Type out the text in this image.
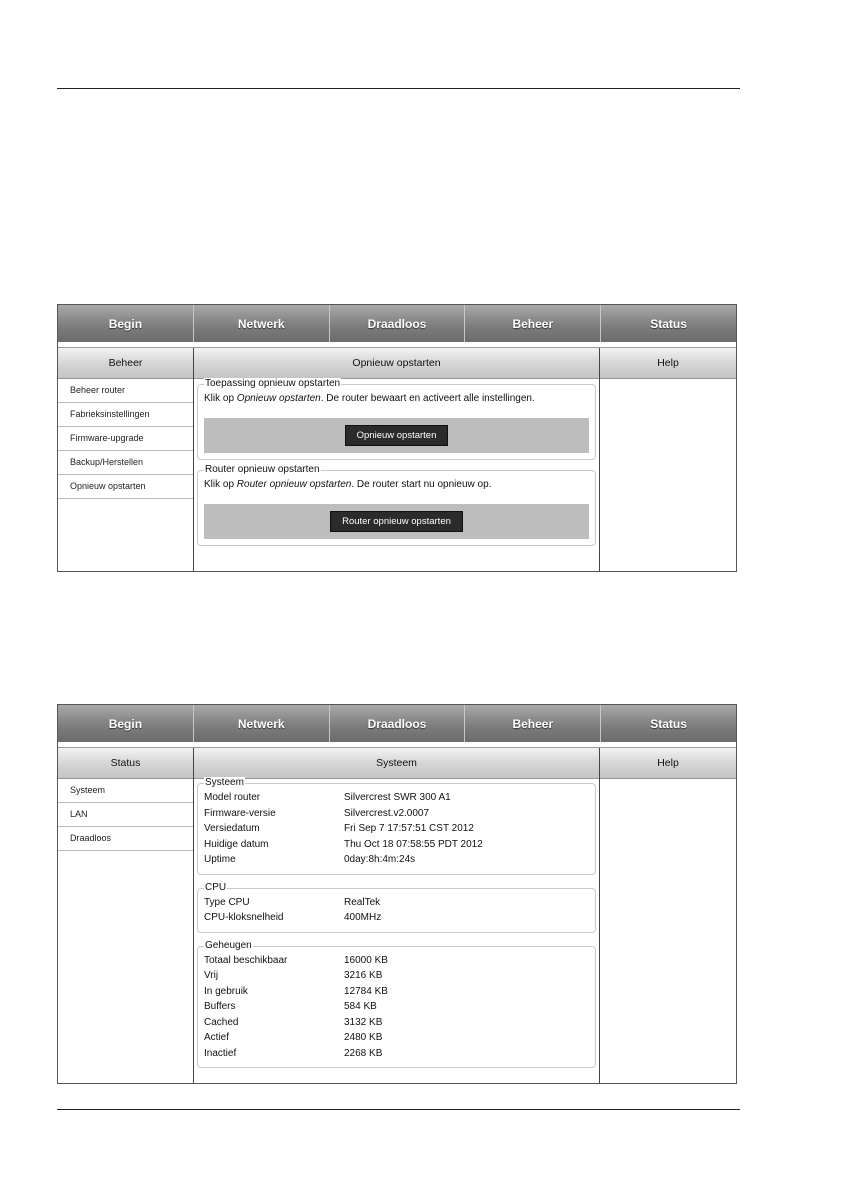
Begin	Netwerk	Draadloos	Beheer	Status
Beheer
Beheer router
Fabrieksinstellingen
Firmware-upgrade
Backup/Herstellen
Opnieuw opstarten
Opnieuw opstarten
Toepassing opnieuw opstarten
Klik op Opnieuw opstarten. De router bewaart en activeert alle instellingen.
Opnieuw opstarten
Router opnieuw opstarten
Klik op Router opnieuw opstarten. De router start nu opnieuw op.
Router opnieuw opstarten
Help
Begin	Netwerk	Draadloos	Beheer	Status
Status
Systeem
LAN
Draadloos
Systeem
Systeem
Model router	Silvercrest SWR 300 A1
Firmware-versie	Silvercrest.v2.0007
Versiedatum	Fri Sep 7 17:57:51 CST 2012
Huidige datum	Thu Oct 18 07:58:55 PDT 2012
Uptime	0day:8h:4m:24s
CPU
Type CPU	RealTek
CPU-kloksnelheid	400MHz
Geheugen
Totaal beschikbaar	16000 KB
Vrij	3216 KB
In gebruik	12784 KB
Buffers	584 KB
Cached	3132 KB
Actief	2480 KB
Inactief	2268 KB
Help
